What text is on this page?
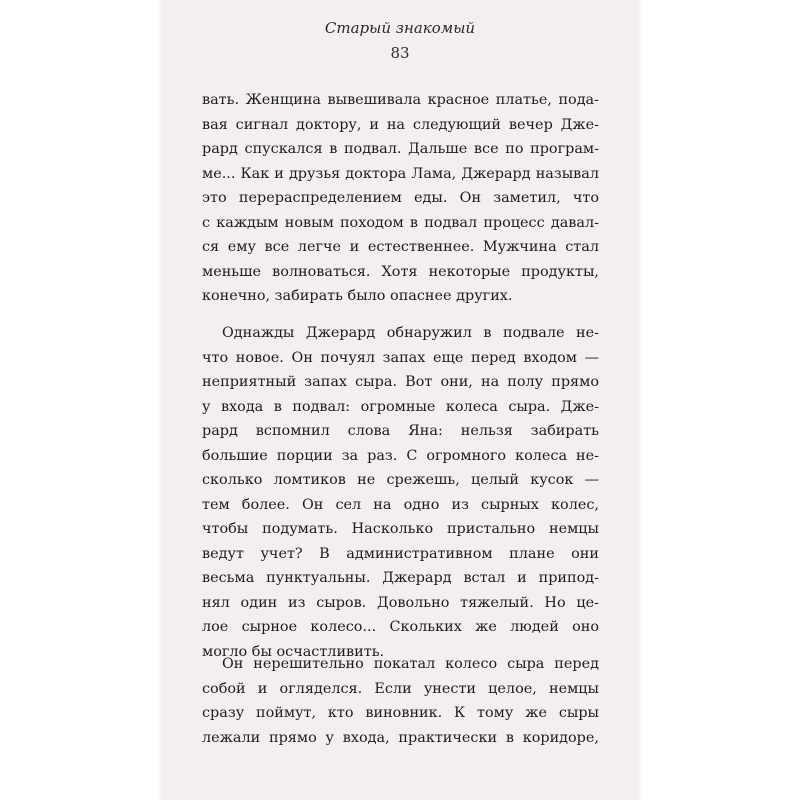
Старый знакомый
83
вать. Женщина вывешивала красное платье, пода-
вая сигнал доктору, и на следующий вечер Дже-
рард спускался в подвал. Дальше все по програм-
ме... Как и друзья доктора Лама, Джерард называл
это перераспределением еды. Он заметил, что
с каждым новым походом в подвал процесс давал-
ся ему все легче и естественнее. Мужчина стал
меньше волноваться. Хотя некоторые продукты,
конечно, забирать было опаснее других.
Однажды Джерард обнаружил в подвале не-
что новое. Он почуял запах еще перед входом —
неприятный запах сыра. Вот они, на полу прямо
у входа в подвал: огромные колеса сыра. Дже-
рард вспомнил слова Яна: нельзя забирать
большие порции за раз. С огромного колеса не-
сколько ломтиков не срежешь, целый кусок —
тем более. Он сел на одно из сырных колес,
чтобы подумать. Насколько пристально немцы
ведут учет? В административном плане они
весьма пунктуальны. Джерард встал и припод-
нял один из сыров. Довольно тяжелый. Но це-
лое сырное колесо... Скольких же людей оно
могло бы осчастливить.
Он нерешительно покатал колесо сыра перед
собой и огляделся. Если унести целое, немцы
сразу поймут, кто виновник. К тому же сыры
лежали прямо у входа, практически в коридоре,
